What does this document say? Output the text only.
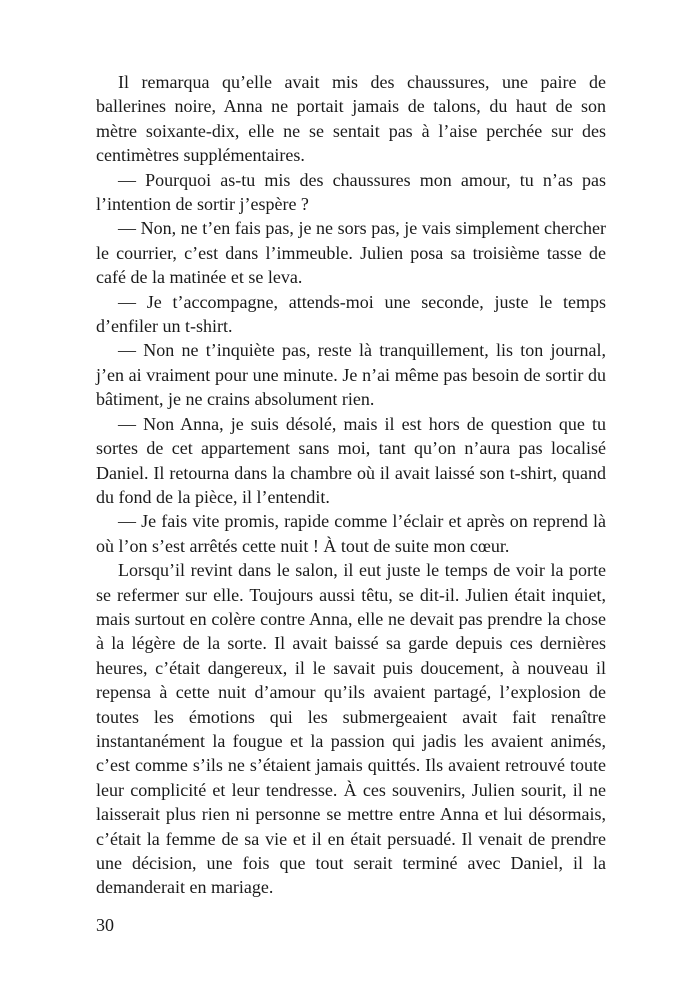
Il remarqua qu’elle avait mis des chaussures, une paire de ballerines noire, Anna ne portait jamais de talons, du haut de son mètre soixante-dix, elle ne se sentait pas à l’aise perchée sur des centimètres supplémentaires.

— Pourquoi as-tu mis des chaussures mon amour, tu n’as pas l’intention de sortir j’espère ?

— Non, ne t’en fais pas, je ne sors pas, je vais simplement chercher le courrier, c’est dans l’immeuble. Julien posa sa troisième tasse de café de la matinée et se leva.

— Je t’accompagne, attends-moi une seconde, juste le temps d’enfiler un t-shirt.

— Non ne t’inquiète pas, reste là tranquillement, lis ton journal, j’en ai vraiment pour une minute. Je n’ai même pas besoin de sortir du bâtiment, je ne crains absolument rien.

— Non Anna, je suis désolé, mais il est hors de question que tu sortes de cet appartement sans moi, tant qu’on n’aura pas localisé Daniel. Il retourna dans la chambre où il avait laissé son t-shirt, quand du fond de la pièce, il l’entendit.

— Je fais vite promis, rapide comme l’éclair et après on reprend là où l’on s’est arrêtés cette nuit ! À tout de suite mon cœur.

Lorsqu’il revint dans le salon, il eut juste le temps de voir la porte se refermer sur elle. Toujours aussi têtu, se dit-il. Julien était inquiet, mais surtout en colère contre Anna, elle ne devait pas prendre la chose à la légère de la sorte. Il avait baissé sa garde depuis ces dernières heures, c’était dangereux, il le savait puis doucement, à nouveau il repensa à cette nuit d’amour qu’ils avaient partagé, l’explosion de toutes les émotions qui les submergeaient avait fait renaître instantanément la fougue et la passion qui jadis les avaient animés, c’est comme s’ils ne s’étaient jamais quittés. Ils avaient retrouvé toute leur complicité et leur tendresse. À ces souvenirs, Julien sourit, il ne laisserait plus rien ni personne se mettre entre Anna et lui désormais, c’était la femme de sa vie et il en était persuadé. Il venait de prendre une décision, une fois que tout serait terminé avec Daniel, il la demanderait en mariage.

30
